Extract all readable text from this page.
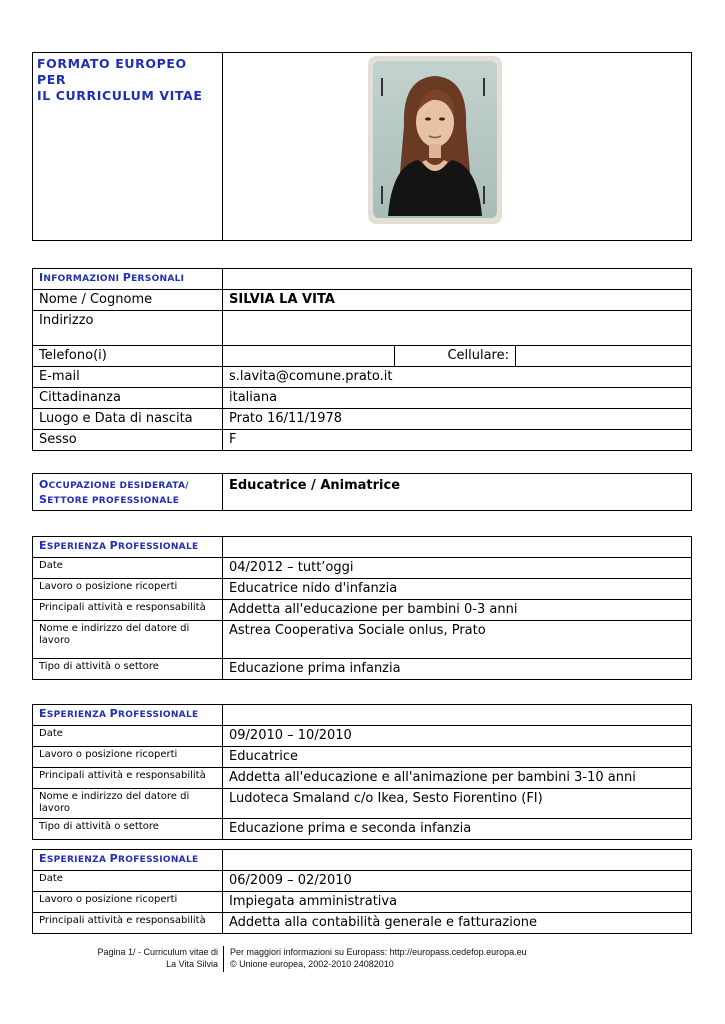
FORMATO EUROPEO PER
IL CURRICULUM VITAE

INFORMAZIONI PERSONALI			
Nome / Cognome	SILVIA LA VITA		
Indirizzo			
Telefono(i)		Cellulare:	
E-mail	s.lavita@comune.prato.it		
Cittadinanza	italiana		
Luogo e Data di nascita	Prato 16/11/1978		
Sesso	F		
OCCUPAZIONE DESIDERATA/
SETTORE PROFESSIONALE
	Educatrice / Animatrice
ESPERIENZA PROFESSIONALE	
Date	04/2012 – tutt’oggi
Lavoro o posizione ricoperti	Educatrice nido d'infanzia
Principali attività e responsabilità	Addetta all'educazione per bambini 0-3 anni
Nome e indirizzo del datore di lavoro	Astrea Cooperativa Sociale onlus, Prato
Tipo di attività o settore	Educazione prima infanzia
ESPERIENZA PROFESSIONALE	
Date	09/2010 – 10/2010
Lavoro o posizione ricoperti	Educatrice
Principali attività e responsabilità	Addetta all'educazione e all'animazione per bambini 3-10 anni
Nome e indirizzo del datore di lavoro	Ludoteca Smaland c/o Ikea, Sesto Fiorentino (FI)
Tipo di attività o settore	Educazione prima e seconda infanzia
ESPERIENZA PROFESSIONALE	
Date	06/2009 – 02/2010
Lavoro o posizione ricoperti	Impiegata amministrativa
Principali attività e responsabilità	Addetta alla contabilità generale e fatturazione
Pagina 1/ - Curriculum vitae di
La Vita Silvia
Per maggiori informazioni su Europass: http://europass.cedefop.europa.eu
© Unione europea, 2002-2010 24082010
